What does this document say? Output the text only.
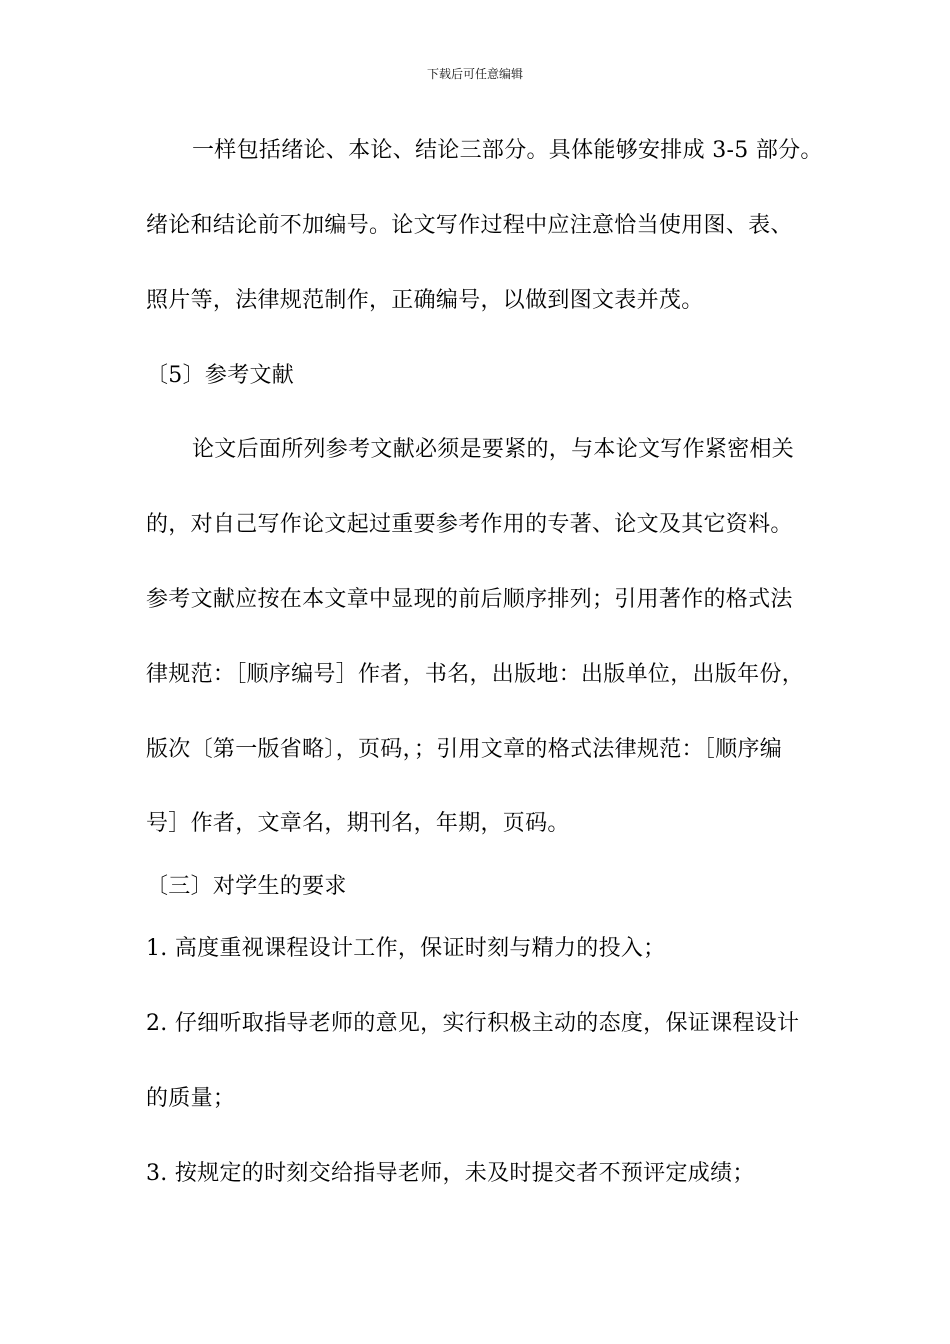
下载后可任意编辑
一样包括绪论、本论、结论三部分。具体能够安排成 3-5 部分。
绪论和结论前不加编号。论文写作过程中应注意恰当使用图、表、
照片等，法律规范制作，正确编号，以做到图文表并茂。
〔5〕参考文献
论文后面所列参考文献必须是要紧的，与本论文写作紧密相关
的，对自己写作论文起过重要参考作用的专著、论文及其它资料。
参考文献应按在本文章中显现的前后顺序排列；引用著作的格式法
律规范：［顺序编号］作者，书名，出版地：出版单位，出版年份，
版次〔第一版省略〕，页码，；引用文章的格式法律规范：［顺序编
号］作者，文章名，期刊名，年期，页码。
〔三〕对学生的要求
1. 高度重视课程设计工作，保证时刻与精力的投入；
2. 仔细听取指导老师的意见，实行积极主动的态度，保证课程设计
的质量；
3. 按规定的时刻交给指导老师，未及时提交者不预评定成绩；
